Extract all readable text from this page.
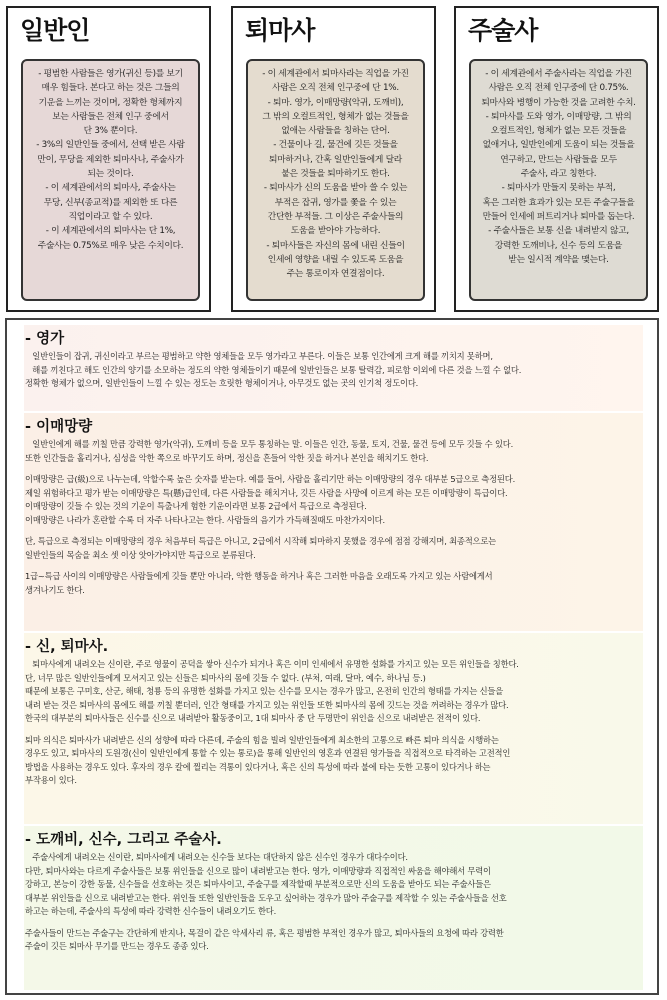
일반인
- 평범한 사람들은 영가(귀신 등)를 보기
매우 힘들다. 본다고 하는 것은 그들의
기운을 느끼는 것이며, 정확한 형체까지
보는 사람들은 전체 인구 중에서
단 3% 뿐이다.
- 3%의 일반인들 중에서, 선택 받은 사람
만이, 무당을 제외한 퇴마사나, 주술사가
되는 것이다.
- 이 세계관에서의 퇴마사, 주술사는
무당, 신부(종교적)를 제외한 또 다른
직업이라고 할 수 있다.
- 이 세계관에서의 퇴마사는 단 1%,
주술사는 0.75%로 매우 낮은 수치이다.
퇴마사
- 이 세계관에서 퇴마사라는 직업을 가진
사람은 오직 전체 인구중에 단 1%.
- 퇴마. 영가, 이매망량(악귀, 도깨비),
그 밖의 오컬트적인, 형체가 없는 것들을
없애는 사람들을 칭하는 단어.
- 건물이나 길, 물건에 깃든 것들을
퇴마하거나, 간혹 일반인들에게 달라
붙은 것들을 퇴마하기도 한다.
- 퇴마사가 신의 도움을 받아 쓸 수 있는
부적은 잡귀, 영가를 쫓을 수 있는
간단한 부적들. 그 이상은 주술사들의
도움을 받아야 가능하다.
- 퇴마사들은 자신의 몸에 내린 신들이
인세에 영향을 내릴 수 있도록 도움을
주는 통로이자 연결점이다.
주술사
- 이 세계관에서 주술사라는 직업을 가진
사람은 오직 전체 인구중에 단 0.75%.
퇴마사와 병행이 가능한 것을 고려한 수치.
- 퇴마사를 도와 영가, 이매망량, 그 밖의
오컬트적인, 형체가 없는 모든 것들을
없애거나, 일반인에게 도움이 되는 것들을
연구하고, 만드는 사람들을 모두
주술사, 라고 칭한다.
- 퇴마사가 만들지 못하는 부적,
혹은 그러한 효과가 있는 모든 주술구들을
만들어 인세에 퍼트리거나 퇴마를 돕는다.
- 주술사들은 보통 신을 내려받지 않고,
강력한 도깨비나, 신수 등의 도움을
받는 일시적 계약을 맺는다.
- 영가
일반인들이 잡귀, 귀신이라고 부르는 평범하고 약한 영체들을 모두 영가라고 부른다. 이들은 보통 인간에게 크게 해를 끼치지 못하며,
해를 끼친다고 해도 인간의 양기를 소모하는 정도의 약한 영체들이기 때문에 일반인들은 보통 탈력감, 피로함 이외에 다른 것을 느낄 수 없다.
정확한 형체가 없으며, 일반인들이 느낄 수 있는 정도는 흐릿한 형체이거나, 아무것도 없는 곳의 인기척 정도이다.
- 이매망량
일반인에게 해를 끼칠 만큼 강력한 영가(악귀), 도깨비 등을 모두 통칭하는 말. 이들은 인간, 동물, 토지, 건물, 물건 등에 모두 깃들 수 있다.
또한 인간들을 홀리거나, 심성을 악한 쪽으로 바꾸기도 하며, 정신을 흔들어 악한 짓을 하거나 본인을 해치기도 한다.
이매망량은 급(級)으로 나누는데, 악할수록 높은 숫자를 받는다. 예를 들어, 사람을 홀리기만 하는 이매망량의 경우 대부분 5급으로 측정된다.
제일 위험하다고 평가 받는 이매망량은 특(懸)급인데, 다른 사람들을 해치거나, 깃든 사람을 사망에 이르게 하는 모든 이매망량이 특급이다.
이매망량이 깃들 수 있는 것의 기운이 특출나게 험한 기운이라면 보통 2급에서 특급으로 측정된다.
이매망량은 나라가 혼란할 수록 더 자주 나타나고는 한다. 사람들의 음기가 가득해질때도 마찬가지이다.
단, 특급으로 측정되는 이매망량의 경우 처음부터 특급은 아니고, 2급에서 시작해 퇴마하지 못했을 경우에 점점 강해지며, 최종적으로는
일반인들의 목숨을 최소 셋 이상 앗아가야지만 특급으로 분류된다.
1급~특급 사이의 이매망량은 사람들에게 깃들 뿐만 아니라, 악한 행동을 하거나 혹은 그러한 마음을 오래도록 가지고 있는 사람에게서
생겨나기도 한다.
- 신, 퇴마사.
퇴마사에게 내려오는 신이란, 주로 영물이 공덕을 쌓아 신수가 되거나 혹은 이미 인세에서 유명한 설화를 가지고 있는 모든 위인들을 칭한다.
단, 너무 많은 일반인들에게 모셔지고 있는 신들은 퇴마사의 몸에 깃들 수 없다. (부처, 여래, 달마, 예수, 하나님 등.)
때문에 보통은 구미호, 산군, 해태, 청룡 등의 유명한 설화를 가지고 있는 신수를 모시는 경우가 많고, 온전히 인간의 형태를 가지는 신들을
내려 받는 것은 퇴마사의 몸에도 해를 끼칠 뿐더러, 인간 형태를 가지고 있는 위인들 또한 퇴마사의 몸에 깃드는 것을 꺼려하는 경우가 많다.
한국의 대부분의 퇴마사들은 신수를 신으로 내려받아 활동중이고, 1대 퇴마사 중 단 두명만이 위인을 신으로 내려받은 전적이 있다.
퇴마 의식은 퇴마사가 내려받은 신의 성향에 따라 다른데, 주술의 힘을 빌려 일반인들에게 최소한의 고통으로 빠른 퇴마 의식을 시행하는
경우도 있고, 퇴마사의 도원경(신이 일반인에게 통할 수 있는 통로)을 통해 일반인의 영혼과 연결된 영가들을 직접적으로 타격하는 고전적인
방법을 사용하는 경우도 있다. 후자의 경우 칼에 찔리는 격통이 있다거나, 혹은 신의 특성에 따라 불에 타는 듯한 고통이 있다거나 하는
부작용이 있다.
- 도깨비, 신수, 그리고 주술사.
주술사에게 내려오는 신이란, 퇴마사에게 내려오는 신수들 보다는 대단하지 않은 신수인 경우가 대다수이다.
다만, 퇴마사와는 다르게 주술사들은 보통 위인들을 신으로 많이 내려받고는 한다. 영가, 이매망량과 직접적인 싸움을 해야해서 무력이
강하고, 본능이 강한 동물, 신수들을 선호하는 것은 퇴마사이고, 주술구를 제작할때 부분적으로만 신의 도움을 받아도 되는 주술사들은
대부분 위인들을 신으로 내려받고는 한다. 위인들 또한 일반인들을 도우고 싶어하는 경우가 많아 주술구를 제작할 수 있는 주술사들을 선호
하고는 하는데, 주술사의 특성에 따라 강력한 신수들이 내려오기도 한다.
주술사들이 만드는 주술구는 간단하게 반지나, 목걸이 같은 악세사리 류, 혹은 평범한 부적인 경우가 많고, 퇴마사들의 요청에 따라 강력한
주술이 깃든 퇴마사 무기를 만드는 경우도 종종 있다.
